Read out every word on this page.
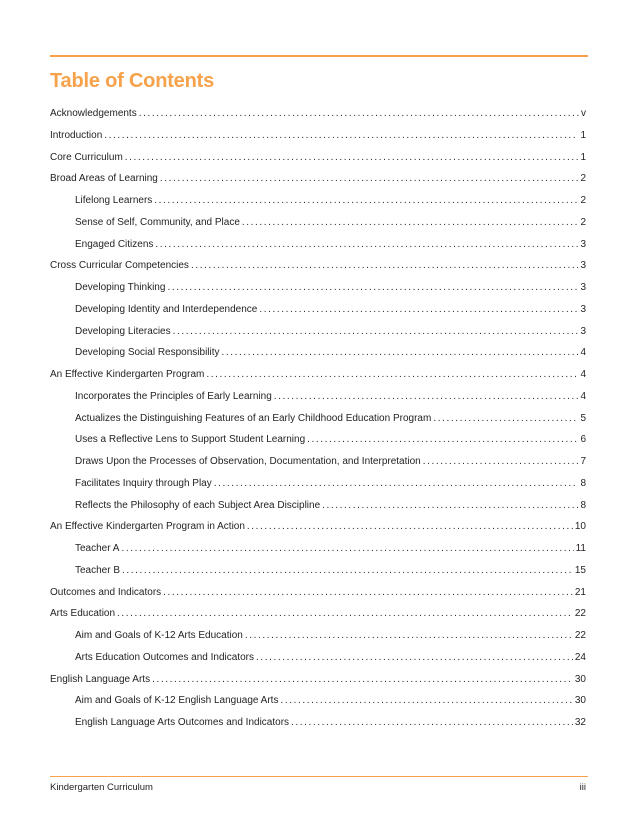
Table of Contents
Acknowledgements .....	v
Introduction .....	1
Core Curriculum .....	1
Broad Areas of Learning .....	2
Lifelong Learners .....	2
Sense of Self, Community, and Place .....	2
Engaged Citizens .....	3
Cross Curricular Competencies .....	3
Developing Thinking .....	3
Developing Identity and Interdependence .....	3
Developing Literacies .....	3
Developing Social Responsibility .....	4
An Effective Kindergarten Program .....	4
Incorporates the Principles of Early Learning .....	4
Actualizes the Distinguishing Features of an Early Childhood Education Program .....	5
Uses a Reflective Lens to Support Student Learning .....	6
Draws Upon the Processes of Observation, Documentation, and Interpretation .....	7
Facilitates Inquiry through Play .....	8
Reflects the Philosophy of each Subject Area Discipline .....	8
An Effective Kindergarten Program in Action .....	10
Teacher A .....	11
Teacher B .....	15
Outcomes and Indicators .....	21
Arts Education .....	22
Aim and Goals of K-12 Arts Education .....	22
Arts Education Outcomes and Indicators .....	24
English Language Arts .....	30
Aim and Goals of K-12 English Language Arts .....	30
English Language Arts Outcomes and Indicators .....	32
Kindergarten Curriculum	iii
